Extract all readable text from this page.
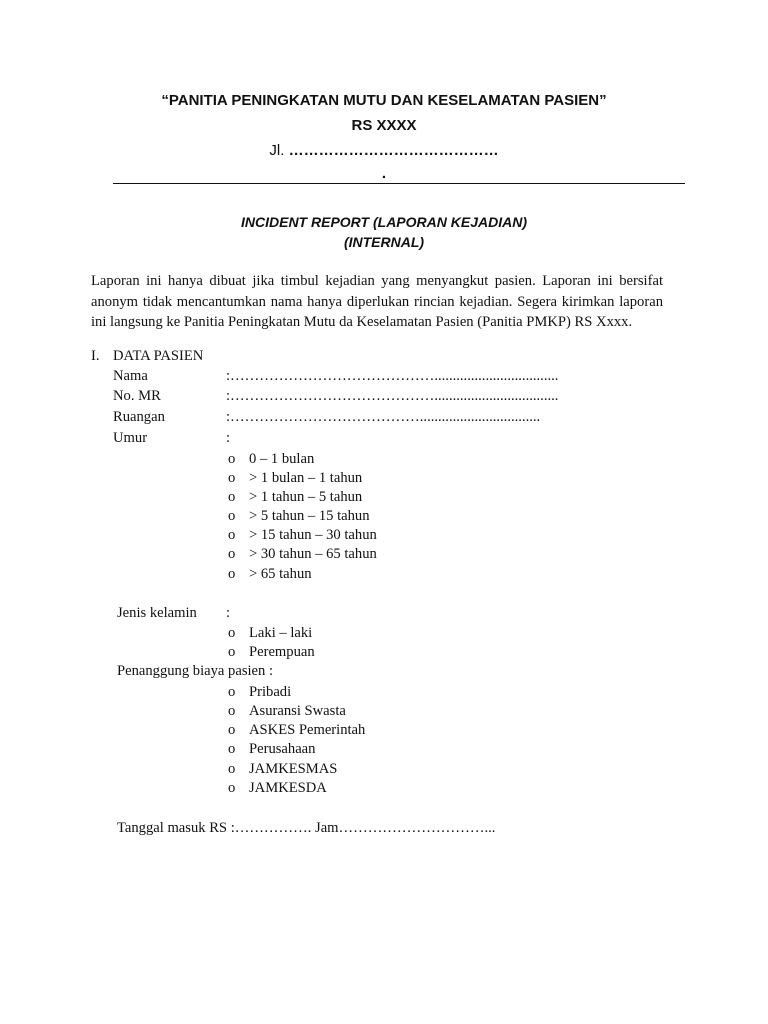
“PANITIA PENINGKATAN MUTU DAN KESELAMATAN PASIEN”
RS XXXX
Jl. ……………………………………
.
INCIDENT REPORT (LAPORAN KEJADIAN)
(INTERNAL)

Laporan ini hanya dibuat jika timbul kejadian yang menyangkut pasien. Laporan ini bersifat anonym tidak mencantumkan nama hanya diperlukan rincian kejadian. Segera kirimkan laporan ini langsung ke Panitia Peningkatan Mutu da Keselamatan Pasien (Panitia PMKP) RS Xxxx.

I. DATA PASIEN
Nama	:……………………………………..................................
No. MR	:……………………………………..................................
Ruangan	:………………………………….................................
Umur	:
o 0 – 1 bulan
o > 1 bulan – 1 tahun
o > 1 tahun – 5 tahun
o > 5 tahun – 15 tahun
o > 15 tahun – 30 tahun
o > 30 tahun – 65 tahun
o > 65 tahun
Jenis kelamin :
o Laki – laki
o Perempuan
Penanggung biaya pasien :
o Pribadi
o Asuransi Swasta
o ASKES Pemerintah
o Perusahaan
o JAMKESMAS
o JAMKESDA
Tanggal masuk RS :……………. Jam…………………………...
